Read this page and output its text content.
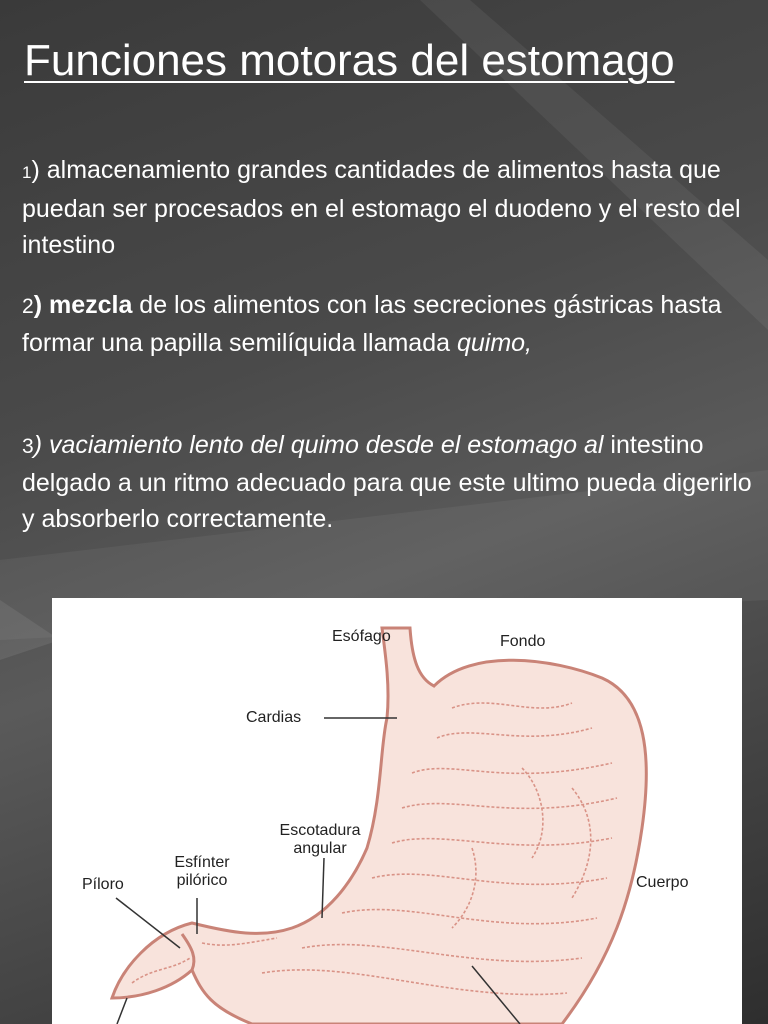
Funciones motoras del estomago

1) almacenamiento grandes cantidades de alimentos hasta que puedan ser procesados en el estomago el duodeno y el resto del intestino

2) mezcla de los alimentos con las secreciones gástricas hasta formar una papilla semilíquida llamada quimo,

3) vaciamiento lento del quimo desde el estomago al intestino delgado a un ritmo adecuado para que este ultimo pueda digerirlo y absorberlo correctamente.

Esófago	Fondo
Cardias
Escotadura
angular
Esfínter
pilórico
Píloro	Cuerpo
